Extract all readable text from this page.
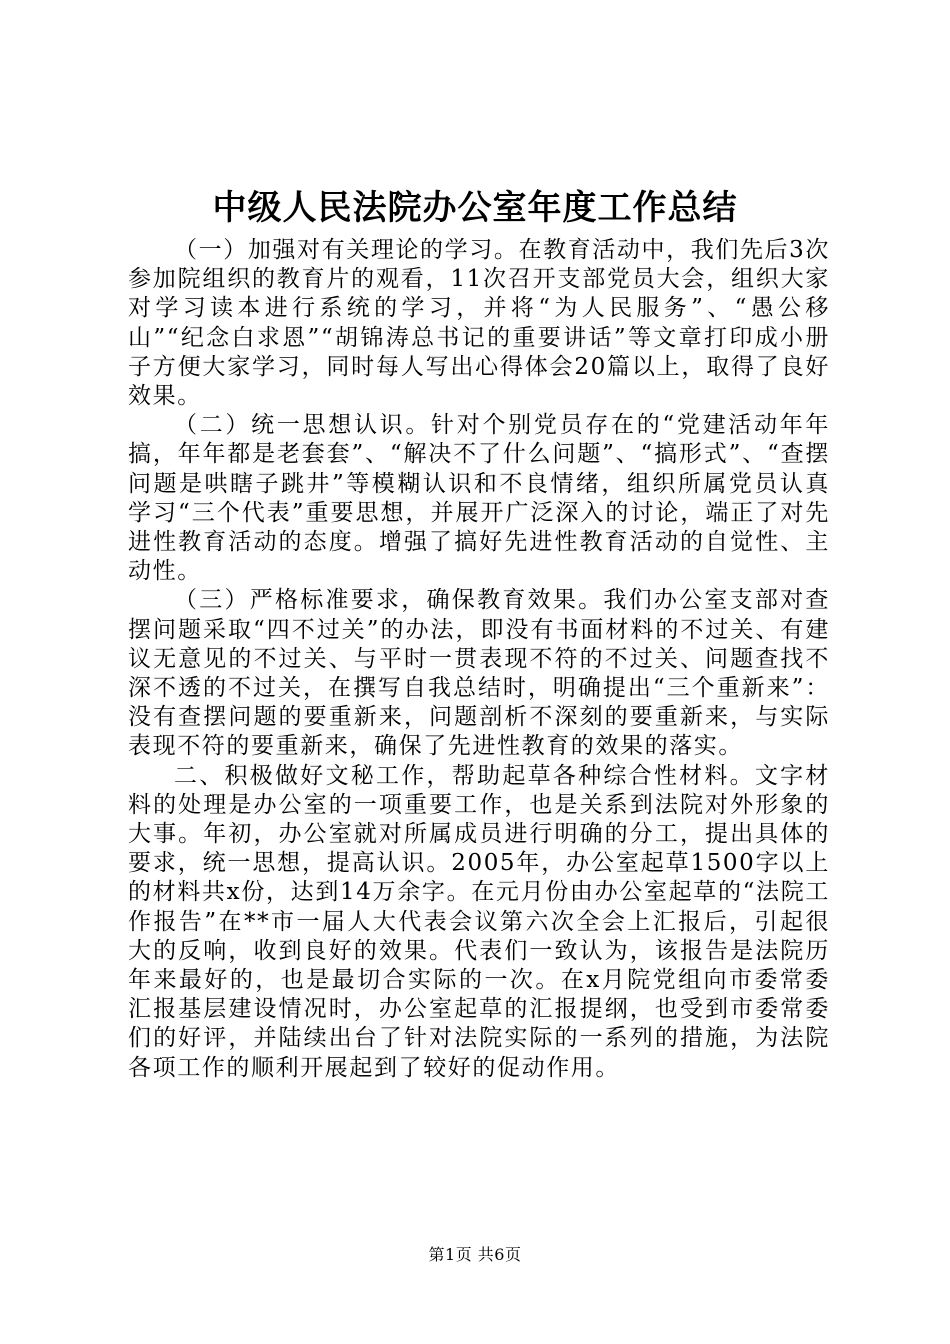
中级人民法院办公室年度工作总结

（一）加强对有关理论的学习。在教育活动中，我们先后3次参加院组织的教育片的观看，11次召开支部党员大会，组织大家对学习读本进行系统的学习，并将“为人民服务”、“愚公移山”“纪念白求恩”“胡锦涛总书记的重要讲话”等文章打印成小册子方便大家学习，同时每人写出心得体会20篇以上，取得了良好效果。

（二）统一思想认识。针对个别党员存在的“党建活动年年搞，年年都是老套套”、“解决不了什么问题”、“搞形式”、“查摆问题是哄瞎子跳井”等模糊认识和不良情绪，组织所属党员认真学习“三个代表”重要思想，并展开广泛深入的讨论，端正了对先进性教育活动的态度。增强了搞好先进性教育活动的自觉性、主动性。

（三）严格标准要求，确保教育效果。我们办公室支部对查摆问题采取“四不过关”的办法，即没有书面材料的不过关、有建议无意见的不过关、与平时一贯表现不符的不过关、问题查找不深不透的不过关，在撰写自我总结时，明确提出“三个重新来”：没有查摆问题的要重新来，问题剖析不深刻的要重新来，与实际表现不符的要重新来，确保了先进性教育的效果的落实。

二、积极做好文秘工作，帮助起草各种综合性材料。文字材料的处理是办公室的一项重要工作，也是关系到法院对外形象的大事。年初，办公室就对所属成员进行明确的分工，提出具体的要求，统一思想，提高认识。2005年，办公室起草1500字以上的材料共x份，达到14万余字。在元月份由办公室起草的“法院工作报告”在**市一届人大代表会议第六次全会上汇报后，引起很大的反响，收到良好的效果。代表们一致认为，该报告是法院历年来最好的，也是最切合实际的一次。在x月院党组向市委常委汇报基层建设情况时，办公室起草的汇报提纲，也受到市委常委们的好评，并陆续出台了针对法院实际的一系列的措施，为法院各项工作的顺利开展起到了较好的促动作用。

第1页 共6页
